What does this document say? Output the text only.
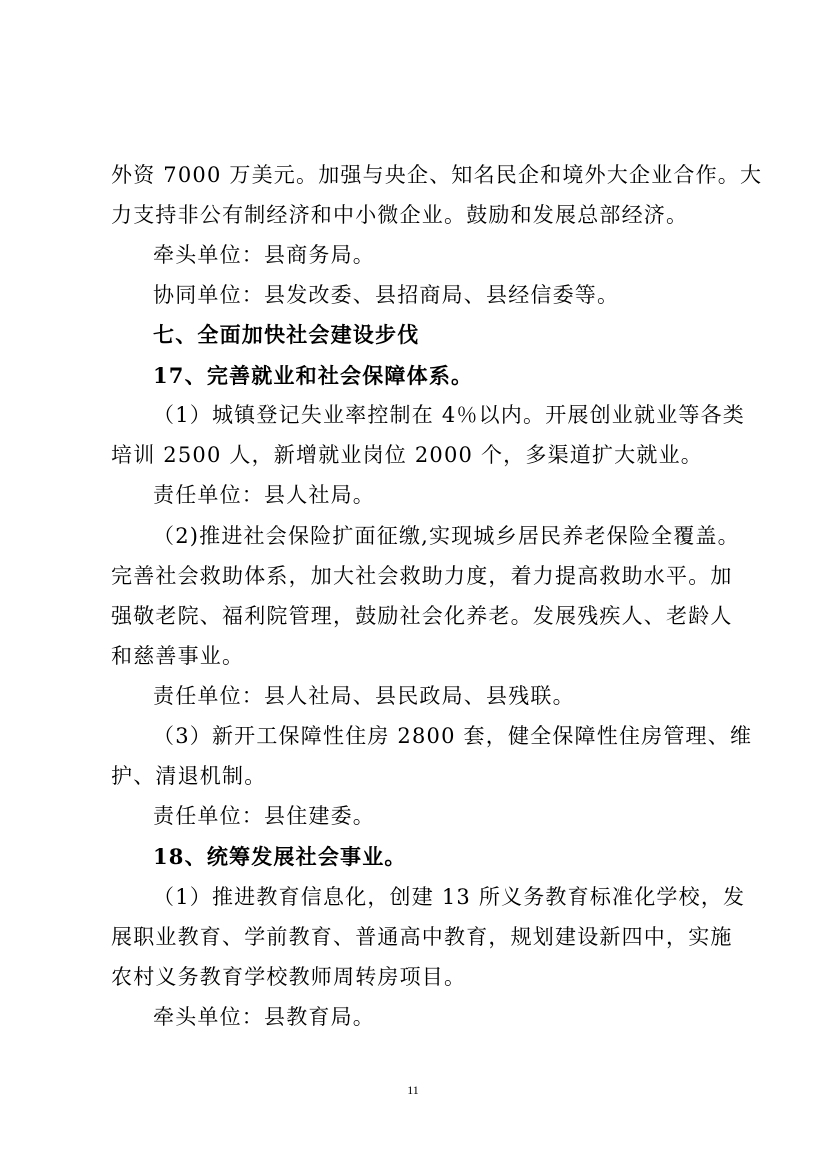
外资 7000 万美元。加强与央企、知名民企和境外大企业合作。大
力支持非公有制经济和中小微企业。鼓励和发展总部经济。
牵头单位：县商务局。
协同单位：县发改委、县招商局、县经信委等。
七、全面加快社会建设步伐
17、完善就业和社会保障体系。
（1）城镇登记失业率控制在 4％以内。开展创业就业等各类
培训 2500 人，新增就业岗位 2000 个，多渠道扩大就业。
责任单位：县人社局。
（2)推进社会保险扩面征缴,实现城乡居民养老保险全覆盖。
完善社会救助体系，加大社会救助力度，着力提高救助水平。加
强敬老院、福利院管理，鼓励社会化养老。发展残疾人、老龄人
和慈善事业。
责任单位：县人社局、县民政局、县残联。
（3）新开工保障性住房 2800 套，健全保障性住房管理、维
护、清退机制。
责任单位：县住建委。
18、统筹发展社会事业。
（1）推进教育信息化，创建 13 所义务教育标准化学校，发
展职业教育、学前教育、普通高中教育，规划建设新四中，实施
农村义务教育学校教师周转房项目。
牵头单位：县教育局。
11
